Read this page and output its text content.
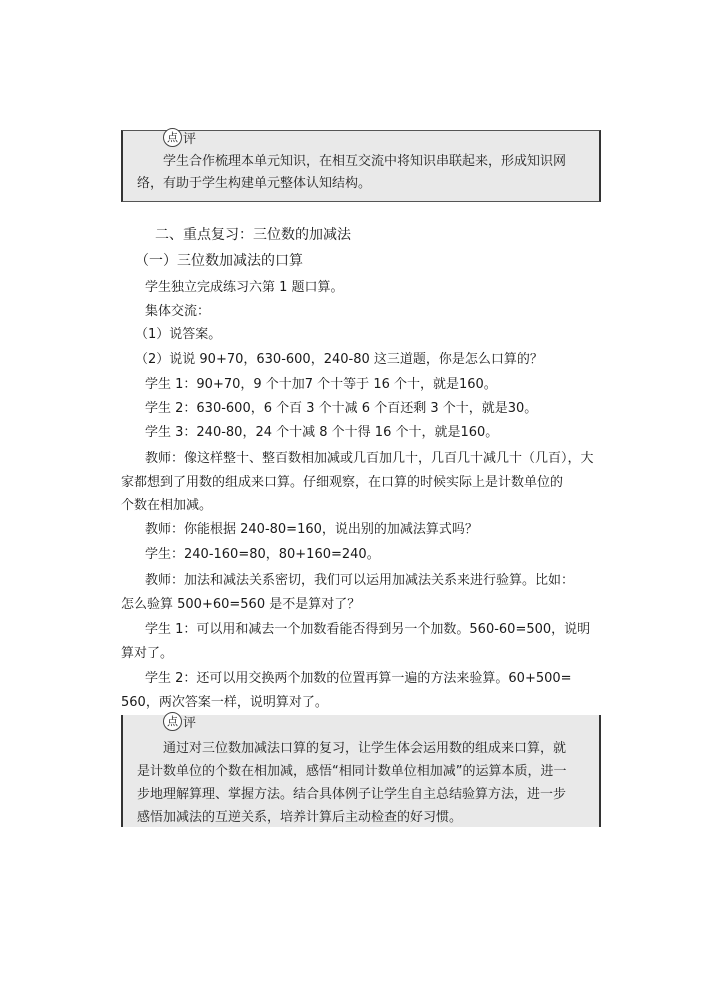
点 评
学生合作梳理本单元知识，在相互交流中将知识串联起来，形成知识网
络，有助于学生构建单元整体认知结构。
二、重点复习：三位数的加减法
（一）三位数加减法的口算
学生独立完成练习六第 1 题口算。
集体交流：
（1）说答案。
（2）说说 90+70，630-600，240-80 这三道题，你是怎么口算的？
学生 1：90+70，9 个十加7 个十等于 16 个十，就是160。
学生 2：630-600，6 个百 3 个十减 6 个百还剩 3 个十，就是30。
学生 3：240-80，24 个十减 8 个十得 16 个十，就是160。
教师：像这样整十、整百数相加减或几百加几十，几百几十减几十（几百），大
家都想到了用数的组成来口算。仔细观察，在口算的时候实际上是计数单位的
个数在相加减。
教师：你能根据 240-80=160，说出别的加减法算式吗？
学生：240-160=80，80+160=240。
教师：加法和减法关系密切，我们可以运用加减法关系来进行验算。比如：
怎么验算 500+60=560 是不是算对了？
学生 1：可以用和减去一个加数看能否得到另一个加数。560-60=500，说明
算对了。
学生 2：还可以用交换两个加数的位置再算一遍的方法来验算。60+500=
560，两次答案一样，说明算对了。
点 评
通过对三位数加减法口算的复习，让学生体会运用数的组成来口算，就
是计数单位的个数在相加减，感悟“相同计数单位相加减”的运算本质，进一
步地理解算理、掌握方法。结合具体例子让学生自主总结验算方法，进一步
感悟加减法的互逆关系，培养计算后主动检查的好习惯。
